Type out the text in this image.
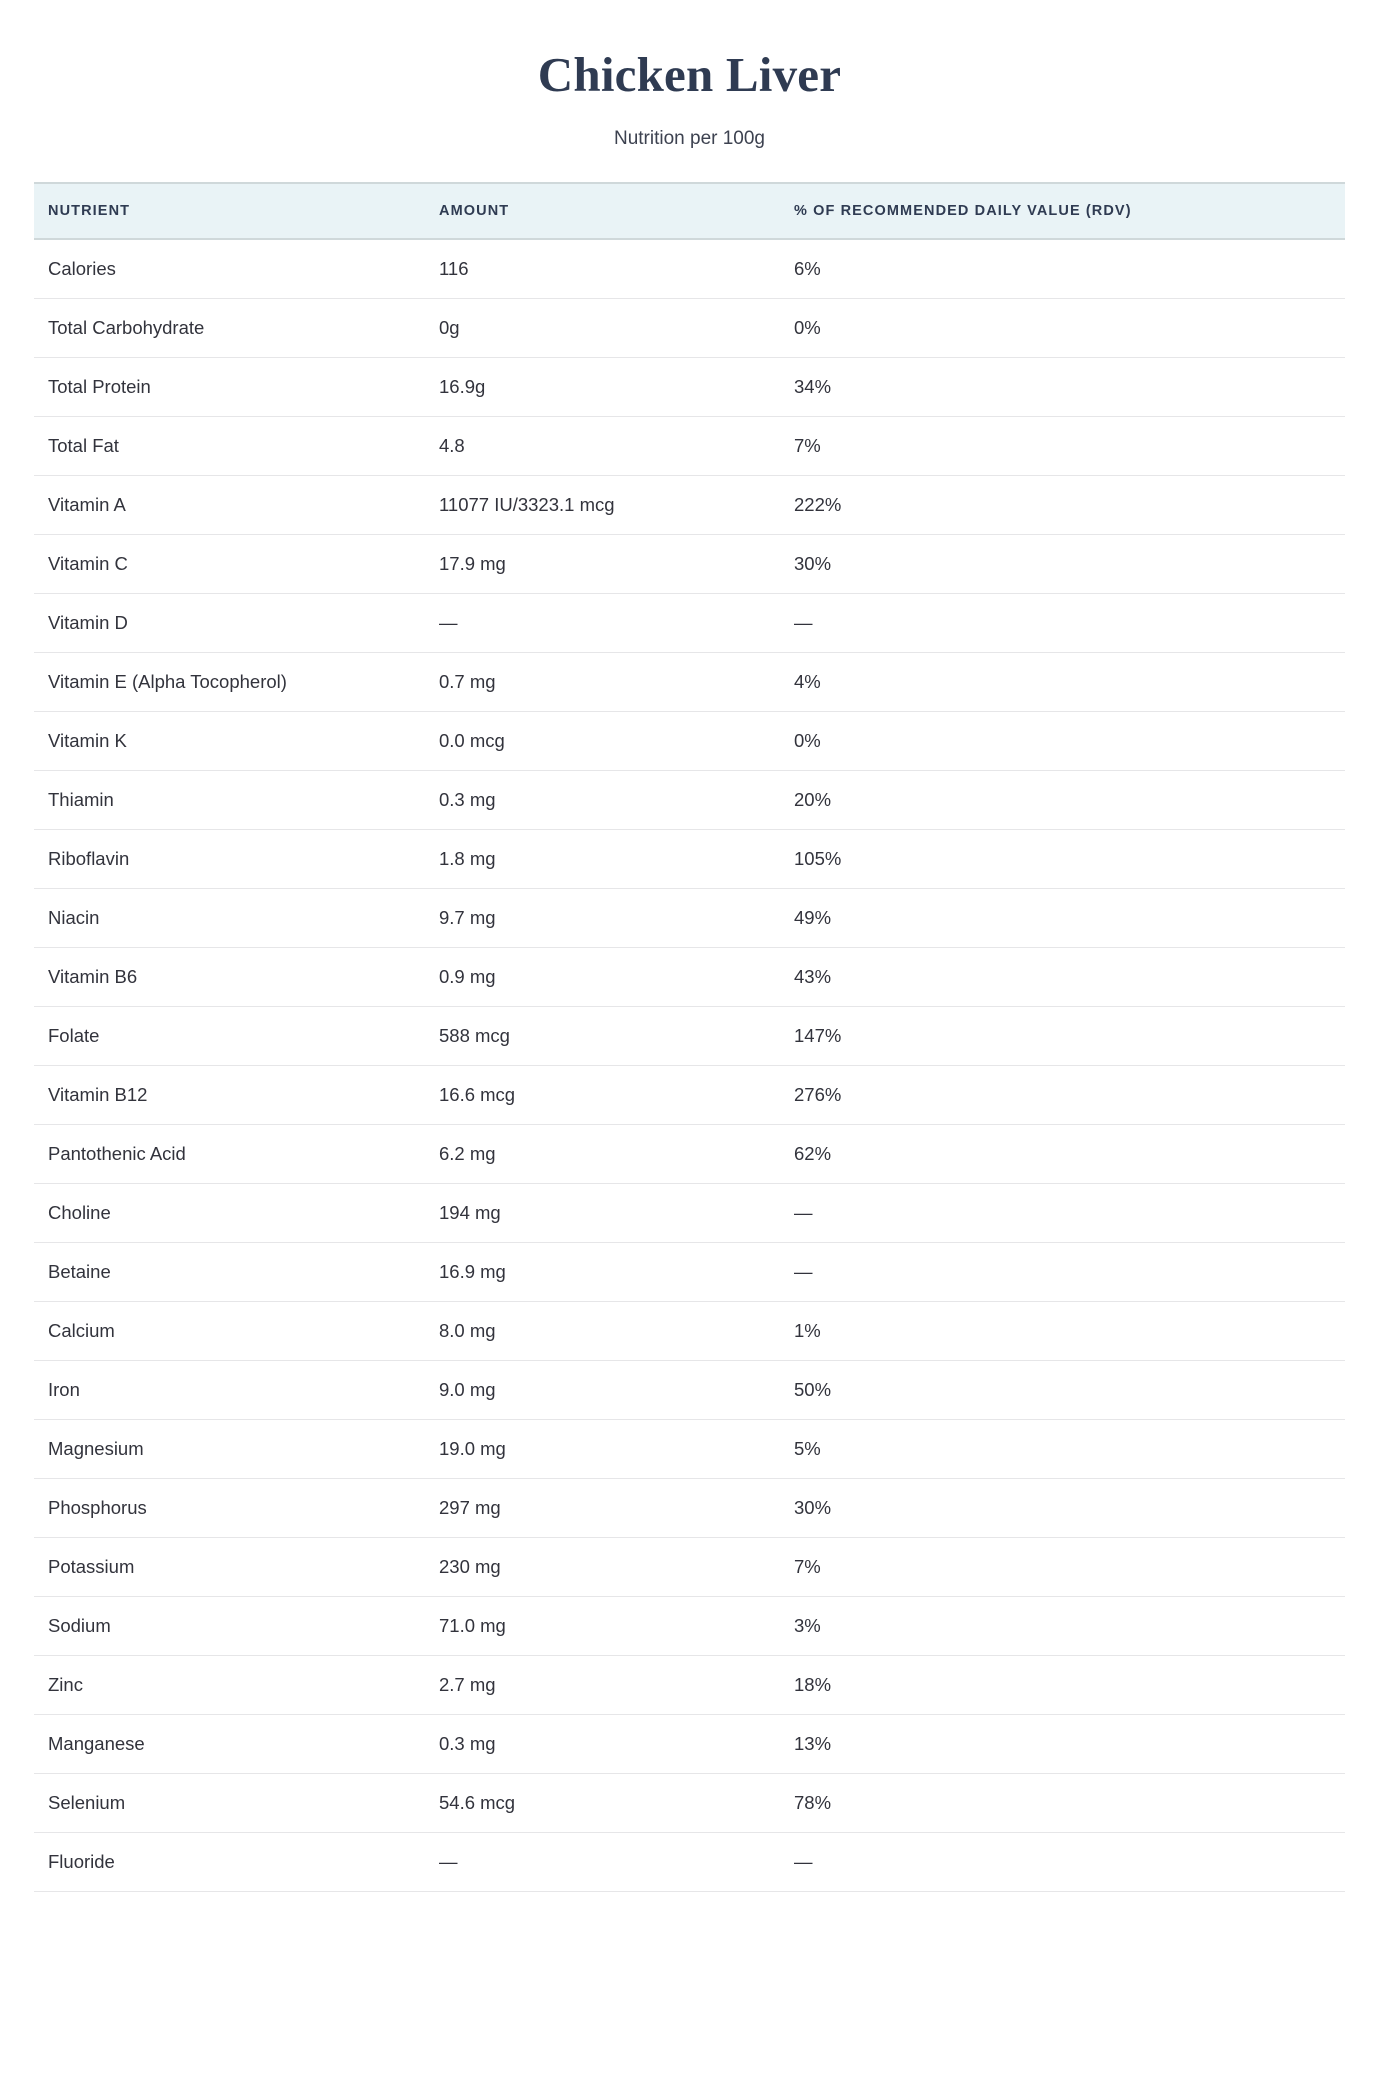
Chicken Liver

Nutrition per 100g

NUTRIENT	AMOUNT	% OF RECOMMENDED DAILY VALUE (RDV)
Calories	116	6%
Total Carbohydrate	0g	0%
Total Protein	16.9g	34%
Total Fat	4.8	7%
Vitamin A	11077 IU/3323.1 mcg	222%
Vitamin C	17.9 mg	30%
Vitamin D	—	—
Vitamin E (Alpha Tocopherol)	0.7 mg	4%
Vitamin K	0.0 mcg	0%
Thiamin	0.3 mg	20%
Riboflavin	1.8 mg	105%
Niacin	9.7 mg	49%
Vitamin B6	0.9 mg	43%
Folate	588 mcg	147%
Vitamin B12	16.6 mcg	276%
Pantothenic Acid	6.2 mg	62%
Choline	194 mg	—
Betaine	16.9 mg	—
Calcium	8.0 mg	1%
Iron	9.0 mg	50%
Magnesium	19.0 mg	5%
Phosphorus	297 mg	30%
Potassium	230 mg	7%
Sodium	71.0 mg	3%
Zinc	2.7 mg	18%
Manganese	0.3 mg	13%
Selenium	54.6 mcg	78%
Fluoride	—	—
